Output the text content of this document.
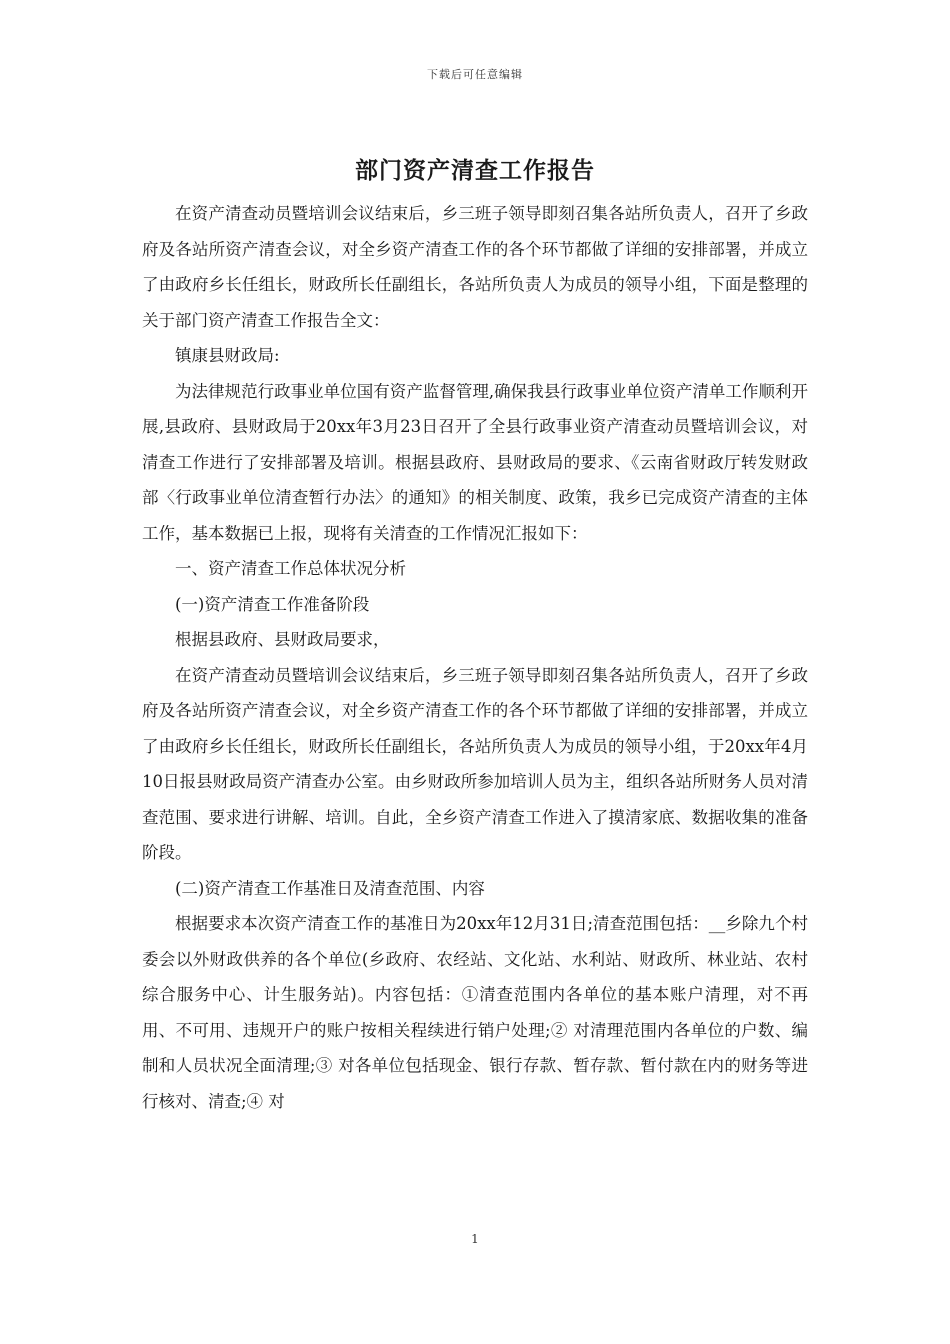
下载后可任意编辑
部门资产清查工作报告

在资产清查动员暨培训会议结束后，乡三班子领导即刻召集各站所负责人，召开了乡政府及各站所资产清查会议，对全乡资产清查工作的各个环节都做了详细的安排部署，并成立了由政府乡长任组长，财政所长任副组长，各站所负责人为成员的领导小组，下面是整理的关于部门资产清查工作报告全文：

镇康县财政局:

为法律规范行政事业单位国有资产监督管理,确保我县行政事业单位资产清单工作顺利开展,县政府、县财政局于20xx年3月23日召开了全县行政事业资产清查动员暨培训会议，对清查工作进行了安排部署及培训。根据县政府、县财政局的要求、《云南省财政厅转发财政部〈行政事业单位清查暂行办法〉的通知》的相关制度、政策，我乡已完成资产清查的主体工作，基本数据已上报，现将有关清查的工作情况汇报如下：

一、资产清查工作总体状况分析

(一)资产清查工作准备阶段

根据县政府、县财政局要求，

在资产清查动员暨培训会议结束后，乡三班子领导即刻召集各站所负责人，召开了乡政府及各站所资产清查会议，对全乡资产清查工作的各个环节都做了详细的安排部署，并成立了由政府乡长任组长，财政所长任副组长，各站所负责人为成员的领导小组，于20xx年4月10日报县财政局资产清查办公室。由乡财政所参加培训人员为主，组织各站所财务人员对清查范围、要求进行讲解、培训。自此，全乡资产清查工作进入了摸清家底、数据收集的准备阶段。

(二)资产清查工作基准日及清查范围、内容

根据要求本次资产清查工作的基准日为20xx年12月31日;清查范围包括：__乡除九个村委会以外财政供养的各个单位(乡政府、农经站、文化站、水利站、财政所、林业站、农村综合服务中心、计生服务站)。内容包括：①清查范围内各单位的基本账户清理，对不再用、不可用、违规开户的账户按相关程续进行销户处理;② 对清理范围内各单位的户数、编制和人员状况全面清理;③ 对各单位包括现金、银行存款、暂存款、暂付款在内的财务等进行核对、清查;④ 对

1
